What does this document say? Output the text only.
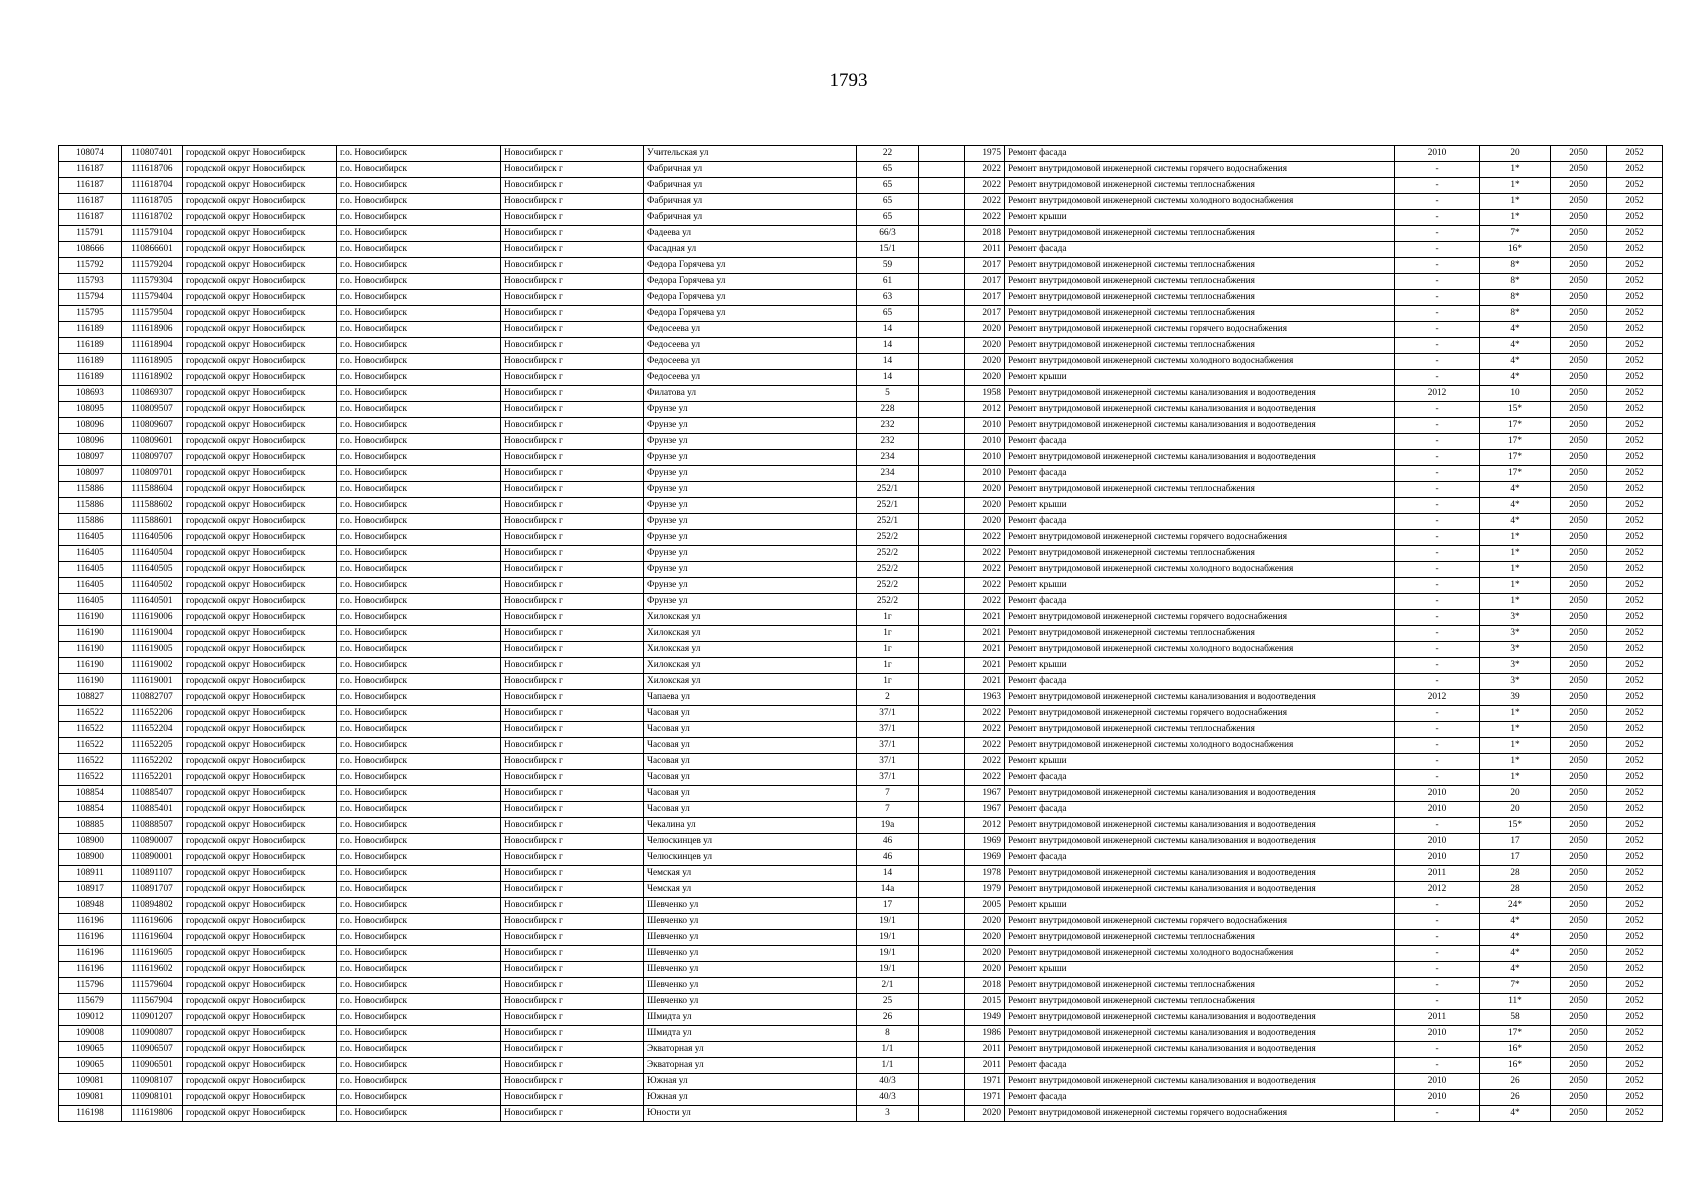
1793
108074	110807401	городской округ Новосибирск	г.о. Новосибирск	Новосибирск г	Учительская ул	22		1975	Ремонт фасада	2010	20	2050	2052
116187	111618706	городской округ Новосибирск	г.о. Новосибирск	Новосибирск г	Фабричная ул	65		2022	Ремонт внутридомовой инженерной системы горячего водоснабжения	-	1*	2050	2052
116187	111618704	городской округ Новосибирск	г.о. Новосибирск	Новосибирск г	Фабричная ул	65		2022	Ремонт внутридомовой инженерной системы теплоснабжения	-	1*	2050	2052
116187	111618705	городской округ Новосибирск	г.о. Новосибирск	Новосибирск г	Фабричная ул	65		2022	Ремонт внутридомовой инженерной системы холодного водоснабжения	-	1*	2050	2052
116187	111618702	городской округ Новосибирск	г.о. Новосибирск	Новосибирск г	Фабричная ул	65		2022	Ремонт крыши	-	1*	2050	2052
115791	111579104	городской округ Новосибирск	г.о. Новосибирск	Новосибирск г	Фадеева ул	66/3		2018	Ремонт внутридомовой инженерной системы теплоснабжения	-	7*	2050	2052
108666	110866601	городской округ Новосибирск	г.о. Новосибирск	Новосибирск г	Фасадная ул	15/1		2011	Ремонт фасада	-	16*	2050	2052
115792	111579204	городской округ Новосибирск	г.о. Новосибирск	Новосибирск г	Федора Горячева ул	59		2017	Ремонт внутридомовой инженерной системы теплоснабжения	-	8*	2050	2052
115793	111579304	городской округ Новосибирск	г.о. Новосибирск	Новосибирск г	Федора Горячева ул	61		2017	Ремонт внутридомовой инженерной системы теплоснабжения	-	8*	2050	2052
115794	111579404	городской округ Новосибирск	г.о. Новосибирск	Новосибирск г	Федора Горячева ул	63		2017	Ремонт внутридомовой инженерной системы теплоснабжения	-	8*	2050	2052
115795	111579504	городской округ Новосибирск	г.о. Новосибирск	Новосибирск г	Федора Горячева ул	65		2017	Ремонт внутридомовой инженерной системы теплоснабжения	-	8*	2050	2052
116189	111618906	городской округ Новосибирск	г.о. Новосибирск	Новосибирск г	Федосеева ул	14		2020	Ремонт внутридомовой инженерной системы горячего водоснабжения	-	4*	2050	2052
116189	111618904	городской округ Новосибирск	г.о. Новосибирск	Новосибирск г	Федосеева ул	14		2020	Ремонт внутридомовой инженерной системы теплоснабжения	-	4*	2050	2052
116189	111618905	городской округ Новосибирск	г.о. Новосибирск	Новосибирск г	Федосеева ул	14		2020	Ремонт внутридомовой инженерной системы холодного водоснабжения	-	4*	2050	2052
116189	111618902	городской округ Новосибирск	г.о. Новосибирск	Новосибирск г	Федосеева ул	14		2020	Ремонт крыши	-	4*	2050	2052
108693	110869307	городской округ Новосибирск	г.о. Новосибирск	Новосибирск г	Филатова ул	5		1958	Ремонт внутридомовой инженерной системы канализования и водоотведения	2012	10	2050	2052
108095	110809507	городской округ Новосибирск	г.о. Новосибирск	Новосибирск г	Фрунзе ул	228		2012	Ремонт внутридомовой инженерной системы канализования и водоотведения	-	15*	2050	2052
108096	110809607	городской округ Новосибирск	г.о. Новосибирск	Новосибирск г	Фрунзе ул	232		2010	Ремонт внутридомовой инженерной системы канализования и водоотведения	-	17*	2050	2052
108096	110809601	городской округ Новосибирск	г.о. Новосибирск	Новосибирск г	Фрунзе ул	232		2010	Ремонт фасада	-	17*	2050	2052
108097	110809707	городской округ Новосибирск	г.о. Новосибирск	Новосибирск г	Фрунзе ул	234		2010	Ремонт внутридомовой инженерной системы канализования и водоотведения	-	17*	2050	2052
108097	110809701	городской округ Новосибирск	г.о. Новосибирск	Новосибирск г	Фрунзе ул	234		2010	Ремонт фасада	-	17*	2050	2052
115886	111588604	городской округ Новосибирск	г.о. Новосибирск	Новосибирск г	Фрунзе ул	252/1		2020	Ремонт внутридомовой инженерной системы теплоснабжения	-	4*	2050	2052
115886	111588602	городской округ Новосибирск	г.о. Новосибирск	Новосибирск г	Фрунзе ул	252/1		2020	Ремонт крыши	-	4*	2050	2052
115886	111588601	городской округ Новосибирск	г.о. Новосибирск	Новосибирск г	Фрунзе ул	252/1		2020	Ремонт фасада	-	4*	2050	2052
116405	111640506	городской округ Новосибирск	г.о. Новосибирск	Новосибирск г	Фрунзе ул	252/2		2022	Ремонт внутридомовой инженерной системы горячего водоснабжения	-	1*	2050	2052
116405	111640504	городской округ Новосибирск	г.о. Новосибирск	Новосибирск г	Фрунзе ул	252/2		2022	Ремонт внутридомовой инженерной системы теплоснабжения	-	1*	2050	2052
116405	111640505	городской округ Новосибирск	г.о. Новосибирск	Новосибирск г	Фрунзе ул	252/2		2022	Ремонт внутридомовой инженерной системы холодного водоснабжения	-	1*	2050	2052
116405	111640502	городской округ Новосибирск	г.о. Новосибирск	Новосибирск г	Фрунзе ул	252/2		2022	Ремонт крыши	-	1*	2050	2052
116405	111640501	городской округ Новосибирск	г.о. Новосибирск	Новосибирск г	Фрунзе ул	252/2		2022	Ремонт фасада	-	1*	2050	2052
116190	111619006	городской округ Новосибирск	г.о. Новосибирск	Новосибирск г	Хилокская ул	1г		2021	Ремонт внутридомовой инженерной системы горячего водоснабжения	-	3*	2050	2052
116190	111619004	городской округ Новосибирск	г.о. Новосибирск	Новосибирск г	Хилокская ул	1г		2021	Ремонт внутридомовой инженерной системы теплоснабжения	-	3*	2050	2052
116190	111619005	городской округ Новосибирск	г.о. Новосибирск	Новосибирск г	Хилокская ул	1г		2021	Ремонт внутридомовой инженерной системы холодного водоснабжения	-	3*	2050	2052
116190	111619002	городской округ Новосибирск	г.о. Новосибирск	Новосибирск г	Хилокская ул	1г		2021	Ремонт крыши	-	3*	2050	2052
116190	111619001	городской округ Новосибирск	г.о. Новосибирск	Новосибирск г	Хилокская ул	1г		2021	Ремонт фасада	-	3*	2050	2052
108827	110882707	городской округ Новосибирск	г.о. Новосибирск	Новосибирск г	Чапаева ул	2		1963	Ремонт внутридомовой инженерной системы канализования и водоотведения	2012	39	2050	2052
116522	111652206	городской округ Новосибирск	г.о. Новосибирск	Новосибирск г	Часовая ул	37/1		2022	Ремонт внутридомовой инженерной системы горячего водоснабжения	-	1*	2050	2052
116522	111652204	городской округ Новосибирск	г.о. Новосибирск	Новосибирск г	Часовая ул	37/1		2022	Ремонт внутридомовой инженерной системы теплоснабжения	-	1*	2050	2052
116522	111652205	городской округ Новосибирск	г.о. Новосибирск	Новосибирск г	Часовая ул	37/1		2022	Ремонт внутридомовой инженерной системы холодного водоснабжения	-	1*	2050	2052
116522	111652202	городской округ Новосибирск	г.о. Новосибирск	Новосибирск г	Часовая ул	37/1		2022	Ремонт крыши	-	1*	2050	2052
116522	111652201	городской округ Новосибирск	г.о. Новосибирск	Новосибирск г	Часовая ул	37/1		2022	Ремонт фасада	-	1*	2050	2052
108854	110885407	городской округ Новосибирск	г.о. Новосибирск	Новосибирск г	Часовая ул	7		1967	Ремонт внутридомовой инженерной системы канализования и водоотведения	2010	20	2050	2052
108854	110885401	городской округ Новосибирск	г.о. Новосибирск	Новосибирск г	Часовая ул	7		1967	Ремонт фасада	2010	20	2050	2052
108885	110888507	городской округ Новосибирск	г.о. Новосибирск	Новосибирск г	Чекалина ул	19а		2012	Ремонт внутридомовой инженерной системы канализования и водоотведения	-	15*	2050	2052
108900	110890007	городской округ Новосибирск	г.о. Новосибирск	Новосибирск г	Челюскинцев ул	46		1969	Ремонт внутридомовой инженерной системы канализования и водоотведения	2010	17	2050	2052
108900	110890001	городской округ Новосибирск	г.о. Новосибирск	Новосибирск г	Челюскинцев ул	46		1969	Ремонт фасада	2010	17	2050	2052
108911	110891107	городской округ Новосибирск	г.о. Новосибирск	Новосибирск г	Чемская ул	14		1978	Ремонт внутридомовой инженерной системы канализования и водоотведения	2011	28	2050	2052
108917	110891707	городской округ Новосибирск	г.о. Новосибирск	Новосибирск г	Чемская ул	14а		1979	Ремонт внутридомовой инженерной системы канализования и водоотведения	2012	28	2050	2052
108948	110894802	городской округ Новосибирск	г.о. Новосибирск	Новосибирск г	Шевченко ул	17		2005	Ремонт крыши	-	24*	2050	2052
116196	111619606	городской округ Новосибирск	г.о. Новосибирск	Новосибирск г	Шевченко ул	19/1		2020	Ремонт внутридомовой инженерной системы горячего водоснабжения	-	4*	2050	2052
116196	111619604	городской округ Новосибирск	г.о. Новосибирск	Новосибирск г	Шевченко ул	19/1		2020	Ремонт внутридомовой инженерной системы теплоснабжения	-	4*	2050	2052
116196	111619605	городской округ Новосибирск	г.о. Новосибирск	Новосибирск г	Шевченко ул	19/1		2020	Ремонт внутридомовой инженерной системы холодного водоснабжения	-	4*	2050	2052
116196	111619602	городской округ Новосибирск	г.о. Новосибирск	Новосибирск г	Шевченко ул	19/1		2020	Ремонт крыши	-	4*	2050	2052
115796	111579604	городской округ Новосибирск	г.о. Новосибирск	Новосибирск г	Шевченко ул	2/1		2018	Ремонт внутридомовой инженерной системы теплоснабжения	-	7*	2050	2052
115679	111567904	городской округ Новосибирск	г.о. Новосибирск	Новосибирск г	Шевченко ул	25		2015	Ремонт внутридомовой инженерной системы теплоснабжения	-	11*	2050	2052
109012	110901207	городской округ Новосибирск	г.о. Новосибирск	Новосибирск г	Шмидта ул	26		1949	Ремонт внутридомовой инженерной системы канализования и водоотведения	2011	58	2050	2052
109008	110900807	городской округ Новосибирск	г.о. Новосибирск	Новосибирск г	Шмидта ул	8		1986	Ремонт внутридомовой инженерной системы канализования и водоотведения	2010	17*	2050	2052
109065	110906507	городской округ Новосибирск	г.о. Новосибирск	Новосибирск г	Экваторная ул	1/1		2011	Ремонт внутридомовой инженерной системы канализования и водоотведения	-	16*	2050	2052
109065	110906501	городской округ Новосибирск	г.о. Новосибирск	Новосибирск г	Экваторная ул	1/1		2011	Ремонт фасада	-	16*	2050	2052
109081	110908107	городской округ Новосибирск	г.о. Новосибирск	Новосибирск г	Южная ул	40/3		1971	Ремонт внутридомовой инженерной системы канализования и водоотведения	2010	26	2050	2052
109081	110908101	городской округ Новосибирск	г.о. Новосибирск	Новосибирск г	Южная ул	40/3		1971	Ремонт фасада	2010	26	2050	2052
116198	111619806	городской округ Новосибирск	г.о. Новосибирск	Новосибирск г	Юности ул	3		2020	Ремонт внутридомовой инженерной системы горячего водоснабжения	-	4*	2050	2052
